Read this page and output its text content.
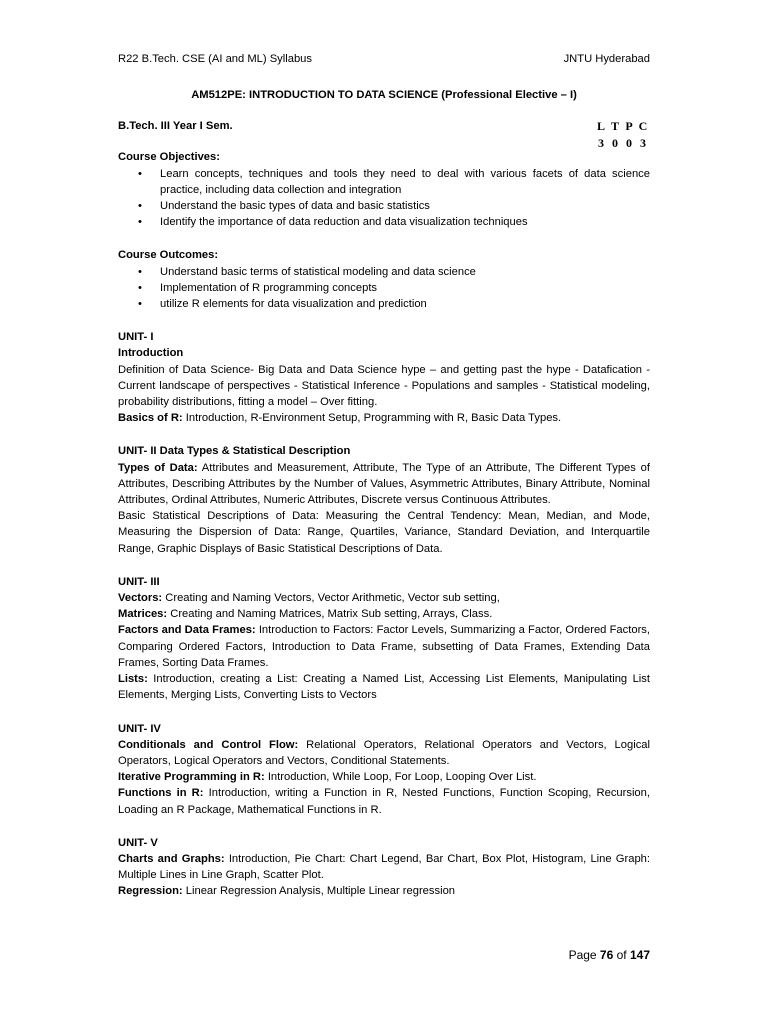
R22 B.Tech. CSE (AI and ML) Syllabus	JNTU Hyderabad
AM512PE: INTRODUCTION TO DATA SCIENCE (Professional Elective – I)
B.Tech. III Year I Sem.	L T P C
3 0 0 3
Course Objectives:

• Learn concepts, techniques and tools they need to deal with various facets of data science practice, including data collection and integration

• Understand the basic types of data and basic statistics
• Identify the importance of data reduction and data visualization techniques
Course Outcomes:
• Understand basic terms of statistical modeling and data science
• Implementation of R programming concepts
• utilize R elements for data visualization and prediction
UNIT- I
Introduction

Definition of Data Science- Big Data and Data Science hype – and getting past the hype - Datafication - Current landscape of perspectives - Statistical Inference - Populations and samples - Statistical modeling, probability distributions, fitting a model – Over fitting.

Basics of R: Introduction, R-Environment Setup, Programming with R, Basic Data Types.

UNIT- II Data Types & Statistical Description

Types of Data: Attributes and Measurement, Attribute, The Type of an Attribute, The Different Types of Attributes, Describing Attributes by the Number of Values, Asymmetric Attributes, Binary Attribute, Nominal Attributes, Ordinal Attributes, Numeric Attributes, Discrete versus Continuous Attributes.

Basic Statistical Descriptions of Data: Measuring the Central Tendency: Mean, Median, and Mode, Measuring the Dispersion of Data: Range, Quartiles, Variance, Standard Deviation, and Interquartile Range, Graphic Displays of Basic Statistical Descriptions of Data.

UNIT- III

Vectors: Creating and Naming Vectors, Vector Arithmetic, Vector sub setting,

Matrices: Creating and Naming Matrices, Matrix Sub setting, Arrays, Class.

Factors and Data Frames: Introduction to Factors: Factor Levels, Summarizing a Factor, Ordered Factors, Comparing Ordered Factors, Introduction to Data Frame, subsetting of Data Frames, Extending Data Frames, Sorting Data Frames.

Lists: Introduction, creating a List: Creating a Named List, Accessing List Elements, Manipulating List Elements, Merging Lists, Converting Lists to Vectors

UNIT- IV

Conditionals and Control Flow: Relational Operators, Relational Operators and Vectors, Logical Operators, Logical Operators and Vectors, Conditional Statements.

Iterative Programming in R: Introduction, While Loop, For Loop, Looping Over List.

Functions in R: Introduction, writing a Function in R, Nested Functions, Function Scoping, Recursion, Loading an R Package, Mathematical Functions in R.

UNIT- V

Charts and Graphs: Introduction, Pie Chart: Chart Legend, Bar Chart, Box Plot, Histogram, Line Graph: Multiple Lines in Line Graph, Scatter Plot.

Regression: Linear Regression Analysis, Multiple Linear regression

Page 76 of 147
